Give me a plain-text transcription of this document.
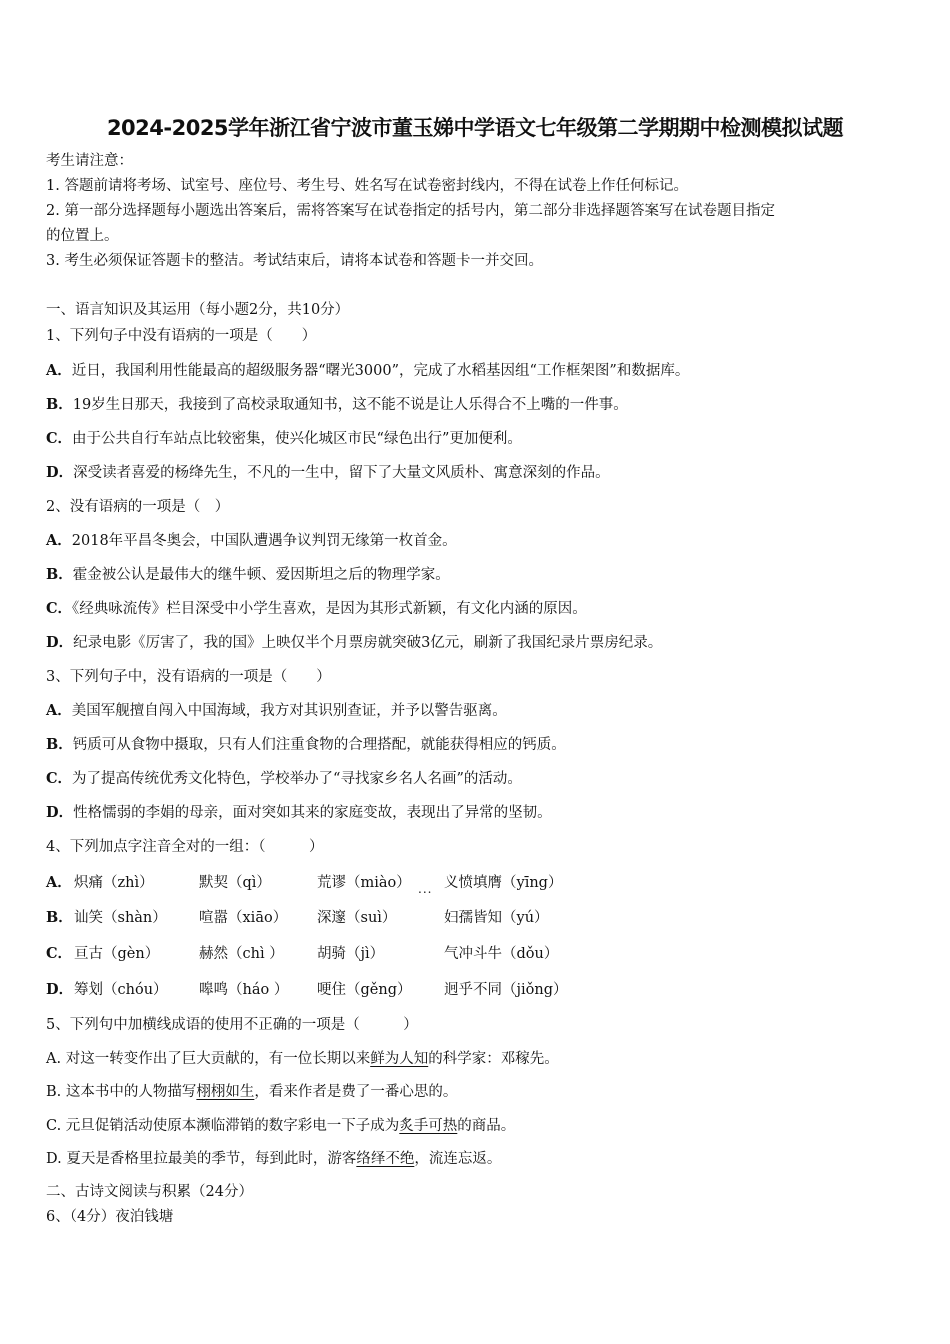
2024-2025学年浙江省宁波市董玉娣中学语文七年级第二学期期中检测模拟试题
考生请注意：
1. 答题前请将考场、试室号、座位号、考生号、姓名写在试卷密封线内，不得在试卷上作任何标记。
2. 第一部分选择题每小题选出答案后，需将答案写在试卷指定的括号内，第二部分非选择题答案写在试卷题目指定
的位置上。
3. 考生必须保证答题卡的整洁。考试结束后，请将本试卷和答题卡一并交回。
一、语言知识及其运用（每小题2分，共10分）
1、下列句子中没有语病的一项是（　　）
A．近日，我国利用性能最高的超级服务器“曙光3000”，完成了水稻基因组“工作框架图”和数据库。
B．19岁生日那天，我接到了高校录取通知书，这不能不说是让人乐得合不上嘴的一件事。
C．由于公共自行车站点比较密集，使兴化城区市民“绿色出行”更加便利。
D．深受读者喜爱的杨绛先生，不凡的一生中，留下了大量文风质朴、寓意深刻的作品。
2、没有语病的一项是（　）
A．2018年平昌冬奥会，中国队遭遇争议判罚无缘第一枚首金。
B．霍金被公认是最伟大的继牛顿、爱因斯坦之后的物理学家。
C．《经典咏流传》栏目深受中小学生喜欢，是因为其形式新颖，有文化内涵的原因。
D．纪录电影《厉害了，我的国》上映仅半个月票房就突破3亿元，刷新了我国纪录片票房纪录。
3、下列句子中，没有语病的一项是（　　）
A．美国军舰擅自闯入中国海域，我方对其识别查证，并予以警告驱离。
B．钙质可从食物中摄取，只有人们注重食物的合理搭配，就能获得相应的钙质。
C．为了提高传统优秀文化特色，学校举办了“寻找家乡名人名画”的活动。
D．性格懦弱的李娟的母亲，面对突如其来的家庭变故，表现出了异常的坚韧。
4、下列加点字注音全对的一组：（　　　）
A． 炽痛（zhì）	默契（qì）	荒谬（miào） 义愤填膺（yīng）
...
B． 讪笑（shàn） 喧嚣（xiāo） 深邃（suì）	妇孺皆知（yú）
C． 亘古（gèn）	赫然（chì ） 胡骑（jì）	气冲斗牛（dǒu）
D． 筹划（chóu） 嗥鸣（háo ） 哽住（gěng） 迥乎不同（jiǒng）
5、下列句中加横线成语的使用不正确的一项是（　　　）
A. 对这一转变作出了巨大贡献的，有一位长期以来鲜为人知的科学家：邓稼先。
B. 这本书中的人物描写栩栩如生，看来作者是费了一番心思的。
C. 元旦促销活动使原本濒临滞销的数字彩电一下子成为炙手可热的商品。
D. 夏天是香格里拉最美的季节，每到此时，游客络绎不绝，流连忘返。
二、古诗文阅读与积累（24分）
6、（4分）夜泊钱塘
